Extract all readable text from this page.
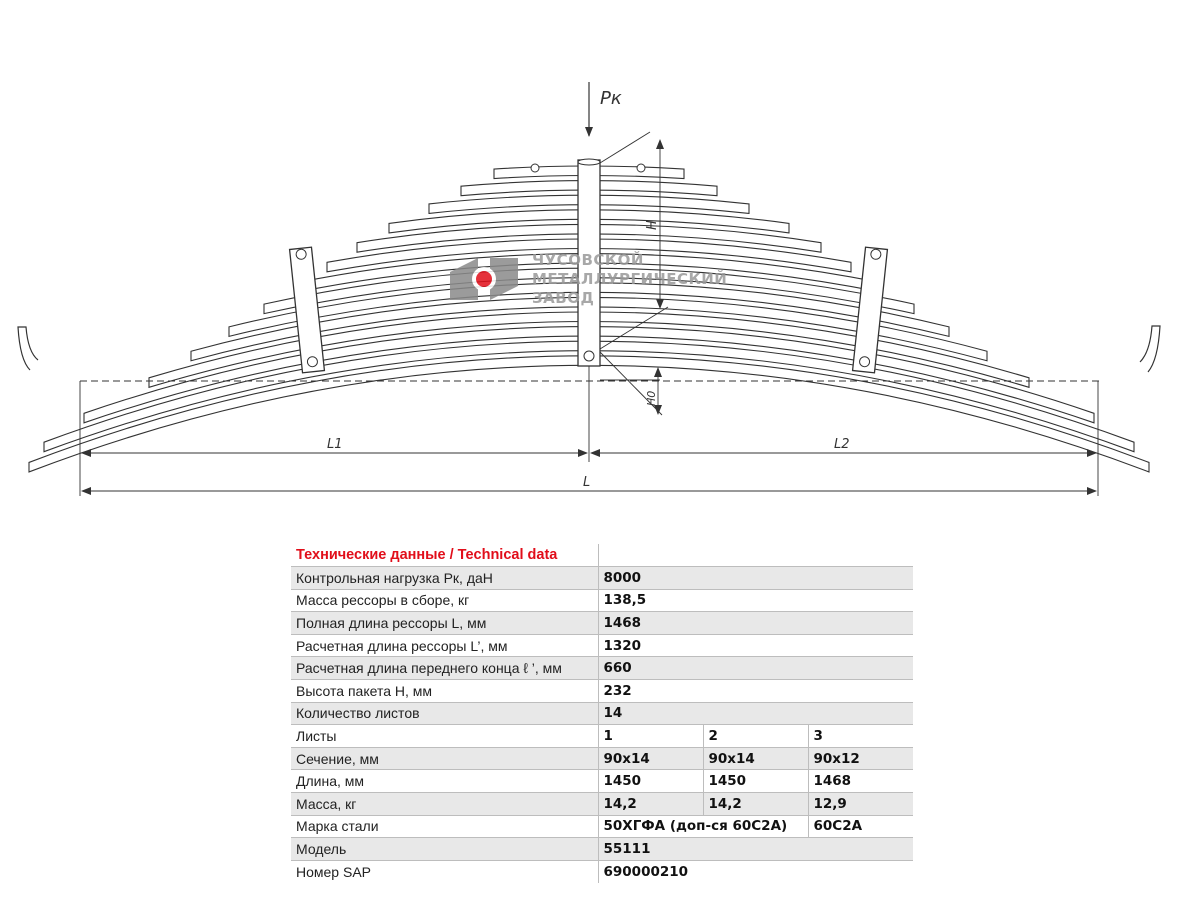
Pк
H
H0
L1	L2
L
ЧУСОВСКОЙ
МЕТАЛЛУРГИЧЕСКИЙ
ЗАВОД
Технические данные / Technical data			
Контрольная нагрузка Pк, даН	8000		
Масса рессоры в сборе, кг	138,5		
Полная длина рессоры L, мм	1468		
Расчетная длина рессоры L’, мм	1320		
Расчетная длина переднего конца ℓ ’, мм	660		
Высота пакета H, мм	232		
Количество листов	14		
Листы	1	2	3
Сечение, мм	90x14	90x14	90x12
Длина, мм	1450	1450	1468
Масса, кг	14,2	14,2	12,9
Марка стали	50ХГФА (доп-ся 60С2А)		60С2А
Модель	55111		
Номер SAP	690000210		
